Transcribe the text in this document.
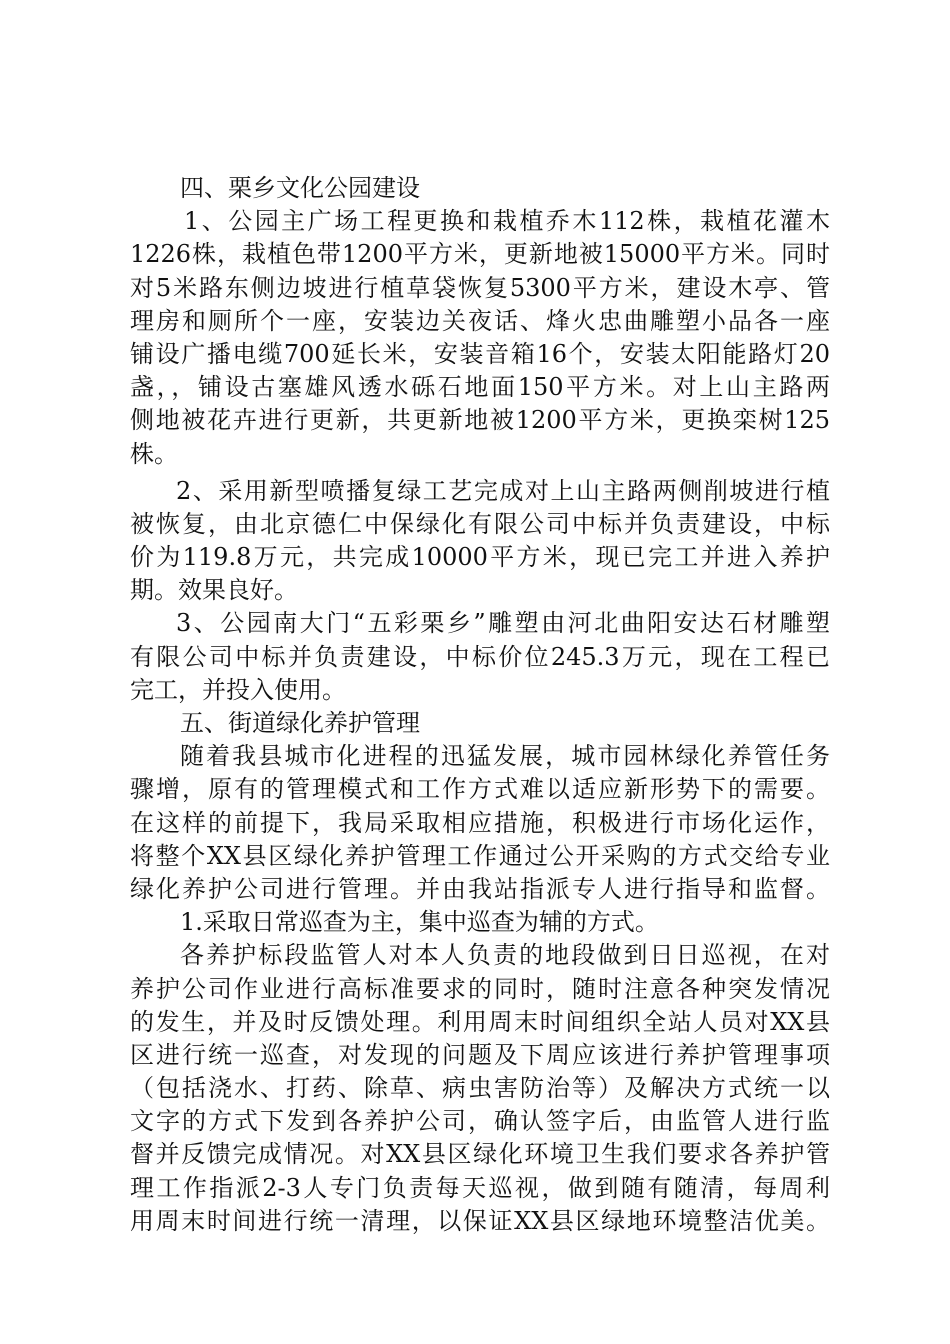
四、栗乡文化公园建设
1、公园主广场工程更换和栽植乔木112株，栽植花灌木
1226株，栽植色带1200平方米，更新地被15000平方米。同时
对5米路东侧边坡进行植草袋恢复5300平方米，建设木亭、管
理房和厕所个一座，安装边关夜话、烽火忠曲雕塑小品各一座
铺设广播电缆700延长米，安装音箱16个，安装太阳能路灯20
盏，，铺设古塞雄风透水砾石地面150平方米。对上山主路两
侧地被花卉进行更新，共更新地被1200平方米，更换栾树125
株。
2、采用新型喷播复绿工艺完成对上山主路两侧削坡进行植
被恢复，由北京德仁中保绿化有限公司中标并负责建设，中标
价为119.8万元，共完成10000平方米，现已完工并进入养护
期。效果良好。
3、公园南大门“五彩栗乡”雕塑由河北曲阳安达石材雕塑
有限公司中标并负责建设，中标价位245.3万元，现在工程已
完工，并投入使用。
五、街道绿化养护管理
随着我县城市化进程的迅猛发展，城市园林绿化养管任务
骤增，原有的管理模式和工作方式难以适应新形势下的需要。
在这样的前提下，我局采取相应措施，积极进行市场化运作，
将整个XX县区绿化养护管理工作通过公开采购的方式交给专业
绿化养护公司进行管理。并由我站指派专人进行指导和监督。
1.采取日常巡查为主，集中巡查为辅的方式。
各养护标段监管人对本人负责的地段做到日日巡视，在对
养护公司作业进行高标准要求的同时，随时注意各种突发情况
的发生，并及时反馈处理。利用周末时间组织全站人员对XX县
区进行统一巡查，对发现的问题及下周应该进行养护管理事项
（包括浇水、打药、除草、病虫害防治等）及解决方式统一以
文字的方式下发到各养护公司，确认签字后，由监管人进行监
督并反馈完成情况。对XX县区绿化环境卫生我们要求各养护管
理工作指派2-3人专门负责每天巡视，做到随有随清，每周利
用周末时间进行统一清理，以保证XX县区绿地环境整洁优美。
